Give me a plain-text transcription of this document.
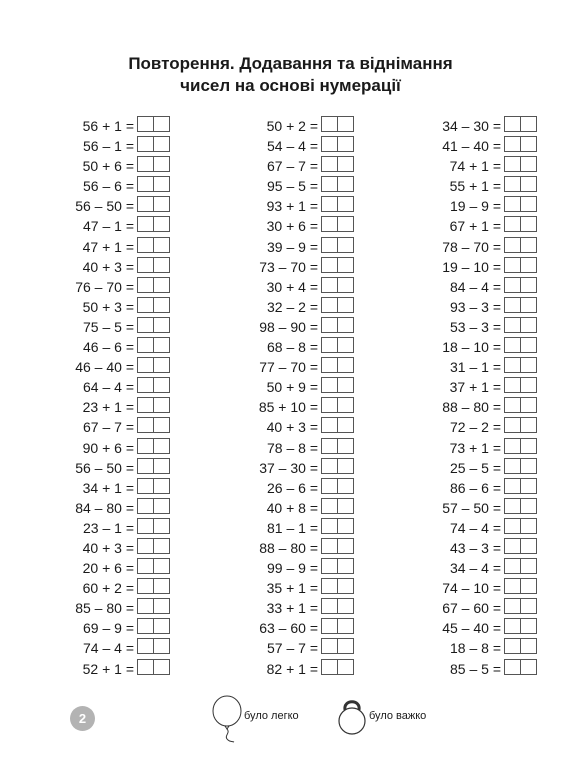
Повторення. Додавання та віднімання
чисел на основі нумерації
56 + 1 =
56 – 1 =
50 + 6 =
56 – 6 =
56 – 50 =
47 – 1 =
47 + 1 =
40 + 3 =
76 – 70 =
50 + 3 =
75 – 5 =
46 – 6 =
46 – 40 =
64 – 4 =
23 + 1 =
67 – 7 =
90 + 6 =
56 – 50 =
34 + 1 =
84 – 80 =
23 – 1 =
40 + 3 =
20 + 6 =
60 + 2 =
85 – 80 =
69 – 9 =
74 – 4 =
52 + 1 =
50 + 2 =
54 – 4 =
67 – 7 =
95 – 5 =
93 + 1 =
30 + 6 =
39 – 9 =
73 – 70 =
30 + 4 =
32 – 2 =
98 – 90 =
68 – 8 =
77 – 70 =
50 + 9 =
85 + 10 =
40 + 3 =
78 – 8 =
37 – 30 =
26 – 6 =
40 + 8 =
81 – 1 =
88 – 80 =
99 – 9 =
35 + 1 =
33 + 1 =
63 – 60 =
57 – 7 =
82 + 1 =
34 – 30 =
41 – 40 =
74 + 1 =
55 + 1 =
19 – 9 =
67 + 1 =
78 – 70 =
19 – 10 =
84 – 4 =
93 – 3 =
53 – 3 =
18 – 10 =
31 – 1 =
37 + 1 =
88 – 80 =
72 – 2 =
73 + 1 =
25 – 5 =
86 – 6 =
57 – 50 =
74 – 4 =
43 – 3 =
34 – 4 =
74 – 10 =
67 – 60 =
45 – 40 =
18 – 8 =
85 – 5 =
2	було легко	було важко
